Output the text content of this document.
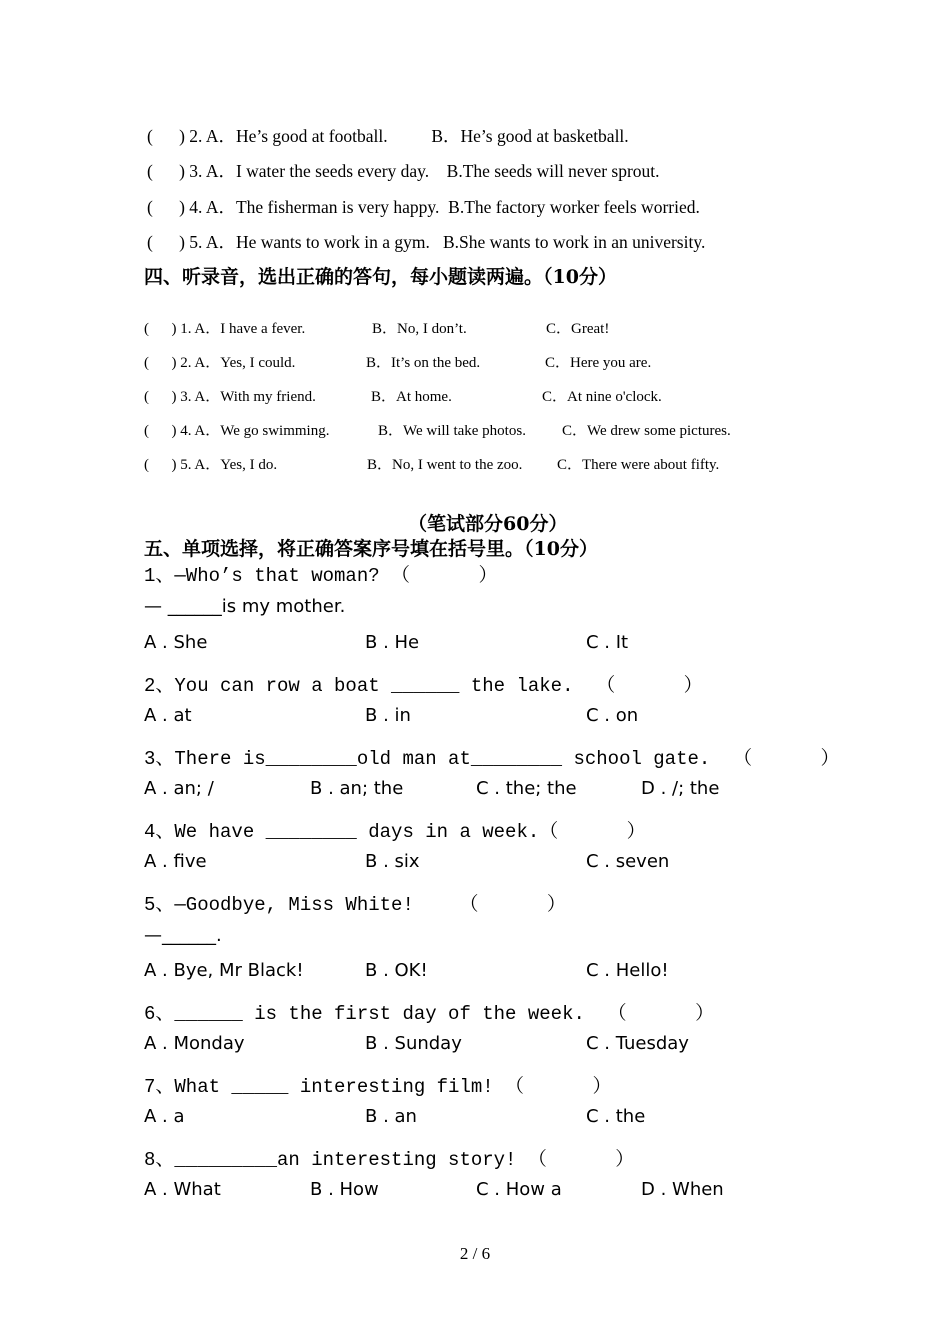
(      ) 2. A．He’s good at football.          B．He’s good at basketball.
(      ) 3. A．I water the seeds every day.    B.The seeds will never sprout.
(      ) 4. A．The fisherman is very happy.  B.The factory worker feels worried.
(      ) 5. A．He wants to work in a gym.   B.She wants to work in an university.
四、听录音，选出正确的答句，每小题读两遍。（10分）
(      ) 1. A．I have a fever.	B．No, I don’t.	C．Great!
(      ) 2. A．Yes, I could.	B．It’s on the bed.	C．Here you are.
(      ) 3. A．With my friend.	B．At home.	C．At nine o'clock.
(      ) 4. A．We go swimming.	B．We will take photos. C．We drew some pictures.
(      ) 5. A．Yes, I do.	B．No, I went to the zoo. C．There were about fifty.
（笔试部分60分）
五、单项选择，将正确答案序号填在括号里。（10分）
1、—Who’s that woman? （      ）
— ______is my mother.
A . She	B . He	C . It
2、You can row a boat ______ the lake.  （      ）
A . at	B . in	C . on
3、There is________old man at________ school gate.  （      ）
A . an; /	B . an; the	C . the; the	D . /; the
4、We have ________ days in a week.（      ）
A . five	B . six	C . seven
5、—Goodbye, Miss White!    （      ）
—______.
A . Bye, Mr Black!	B . OK!	C . Hello!
6、______ is the first day of the week.  （      ）
A . Monday	B . Sunday	C . Tuesday
7、What _____ interesting film! （      ）
A . a	B . an	C . the
8、_________an interesting story! （      ）
A . What	B . How	C . How a	D . When
2 / 6
